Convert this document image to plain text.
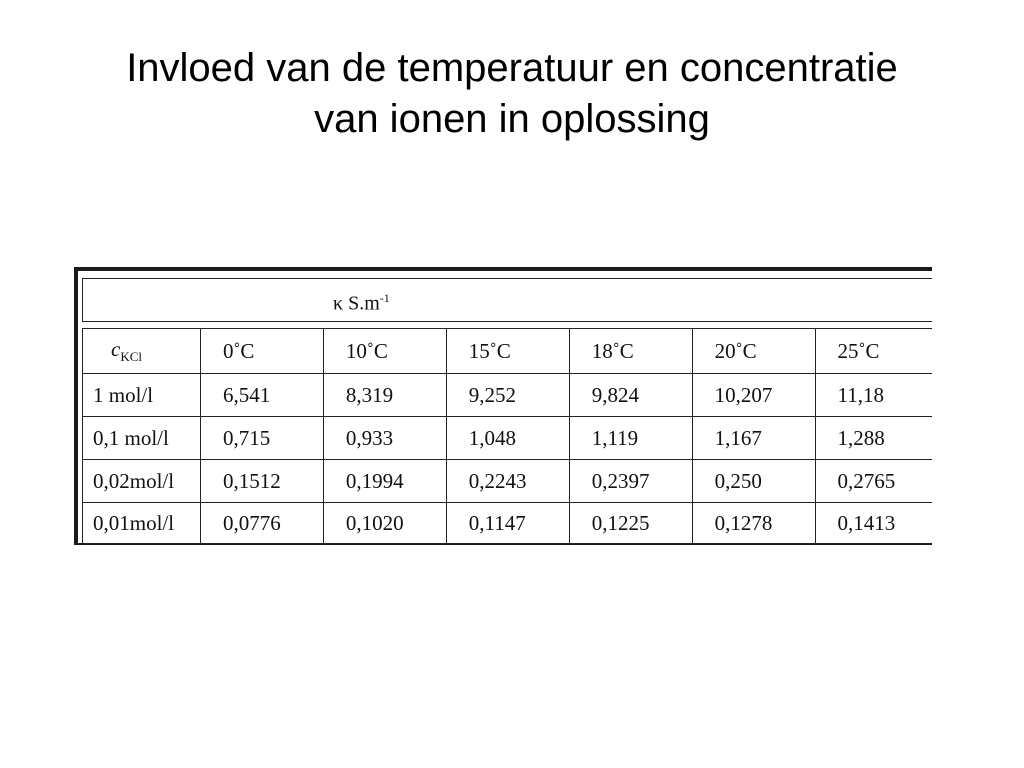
Invloed van de temperatuur en concentratie
van ionen in oplossing
κ $S.m^{-1}$
$c_{KCl}$	0˚C	10˚C	15˚C	18˚C	20˚C	25˚C
1 mol/l	6,541	8,319	9,252	9,824	10,207	11,18
0,1 mol/l	0,715	0,933	1,048	1,119	1,167	1,288
0,02mol/l	0,1512	0,1994	0,2243	0,2397	0,250	0,2765
0,01mol/l	0,0776	0,1020	0,1147	0,1225	0,1278	0,1413
